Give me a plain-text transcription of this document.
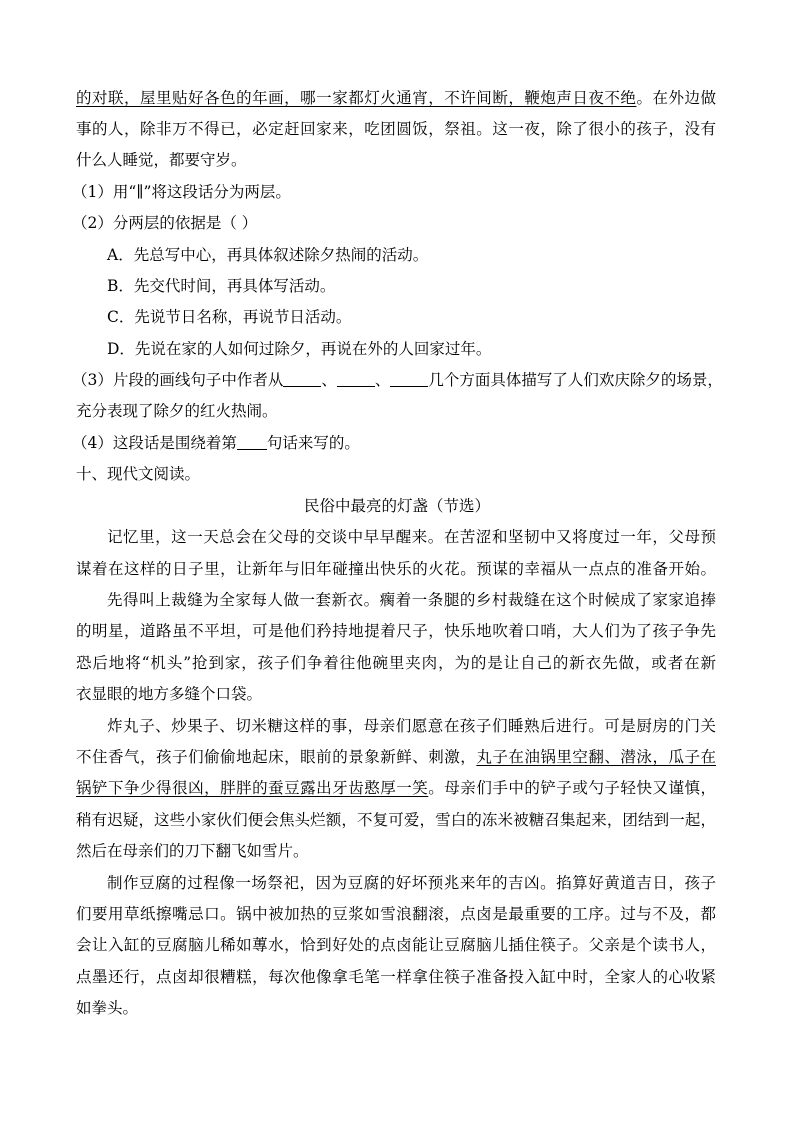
的对联，屋里贴好各色的年画，哪一家都灯火通宵，不许间断，鞭炮声日夜不绝。在外边做
事的人，除非万不得已，必定赶回家来，吃团圆饭，祭祖。这一夜，除了很小的孩子，没有
什么人睡觉，都要守岁。
（1）用“∥”将这段话分为两层。
（2）分两层的依据是（ ）
A．先总写中心，再具体叙述除夕热闹的活动。
B．先交代时间，再具体写活动。
C．先说节日名称，再说节日活动。
D．先说在家的人如何过除夕，再说在外的人回家过年。
（3）片段的画线句子中作者从 、 、 几个方面具体描写了人们欢庆除夕的场景，
充分表现了除夕的红火热闹。
（4）这段话是围绕着第 句话来写的。
十、现代文阅读。
民俗中最亮的灯盏（节选）
记忆里，这一天总会在父母的交谈中早早醒来。在苦涩和坚韧中又将度过一年，父母预
谋着在这样的日子里，让新年与旧年碰撞出快乐的火花。预谋的幸福从一点点的准备开始。
先得叫上裁缝为全家每人做一套新衣。瘸着一条腿的乡村裁缝在这个时候成了家家追捧
的明星，道路虽不平坦，可是他们矜持地提着尺子，快乐地吹着口哨，大人们为了孩子争先
恐后地将“机头”抢到家，孩子们争着往他碗里夹肉，为的是让自己的新衣先做，或者在新
衣显眼的地方多缝个口袋。
炸丸子、炒果子、切米糖这样的事，母亲们愿意在孩子们睡熟后进行。可是厨房的门关
不住香气，孩子们偷偷地起床，眼前的景象新鲜、刺激，丸子在油锅里空翻、潜泳，瓜子在
锅铲下争少得很凶，胖胖的蚕豆露出牙齿憨厚一笑。母亲们手中的铲子或勺子轻快又谨慎，
稍有迟疑，这些小家伙们便会焦头烂额，不复可爱，雪白的冻米被糖召集起来，团结到一起，
然后在母亲们的刀下翻飞如雪片。
制作豆腐的过程像一场祭祀，因为豆腐的好坏预兆来年的吉凶。掐算好黄道吉日，孩子
们要用草纸擦嘴忌口。锅中被加热的豆浆如雪浪翻滚，点卤是最重要的工序。过与不及，都
会让入缸的豆腐脑儿稀如蓴水，恰到好处的点卤能让豆腐脑儿插住筷子。父亲是个读书人，
点墨还行，点卤却很糟糕，每次他像拿毛笔一样拿住筷子准备投入缸中时，全家人的心收紧
如拳头。
